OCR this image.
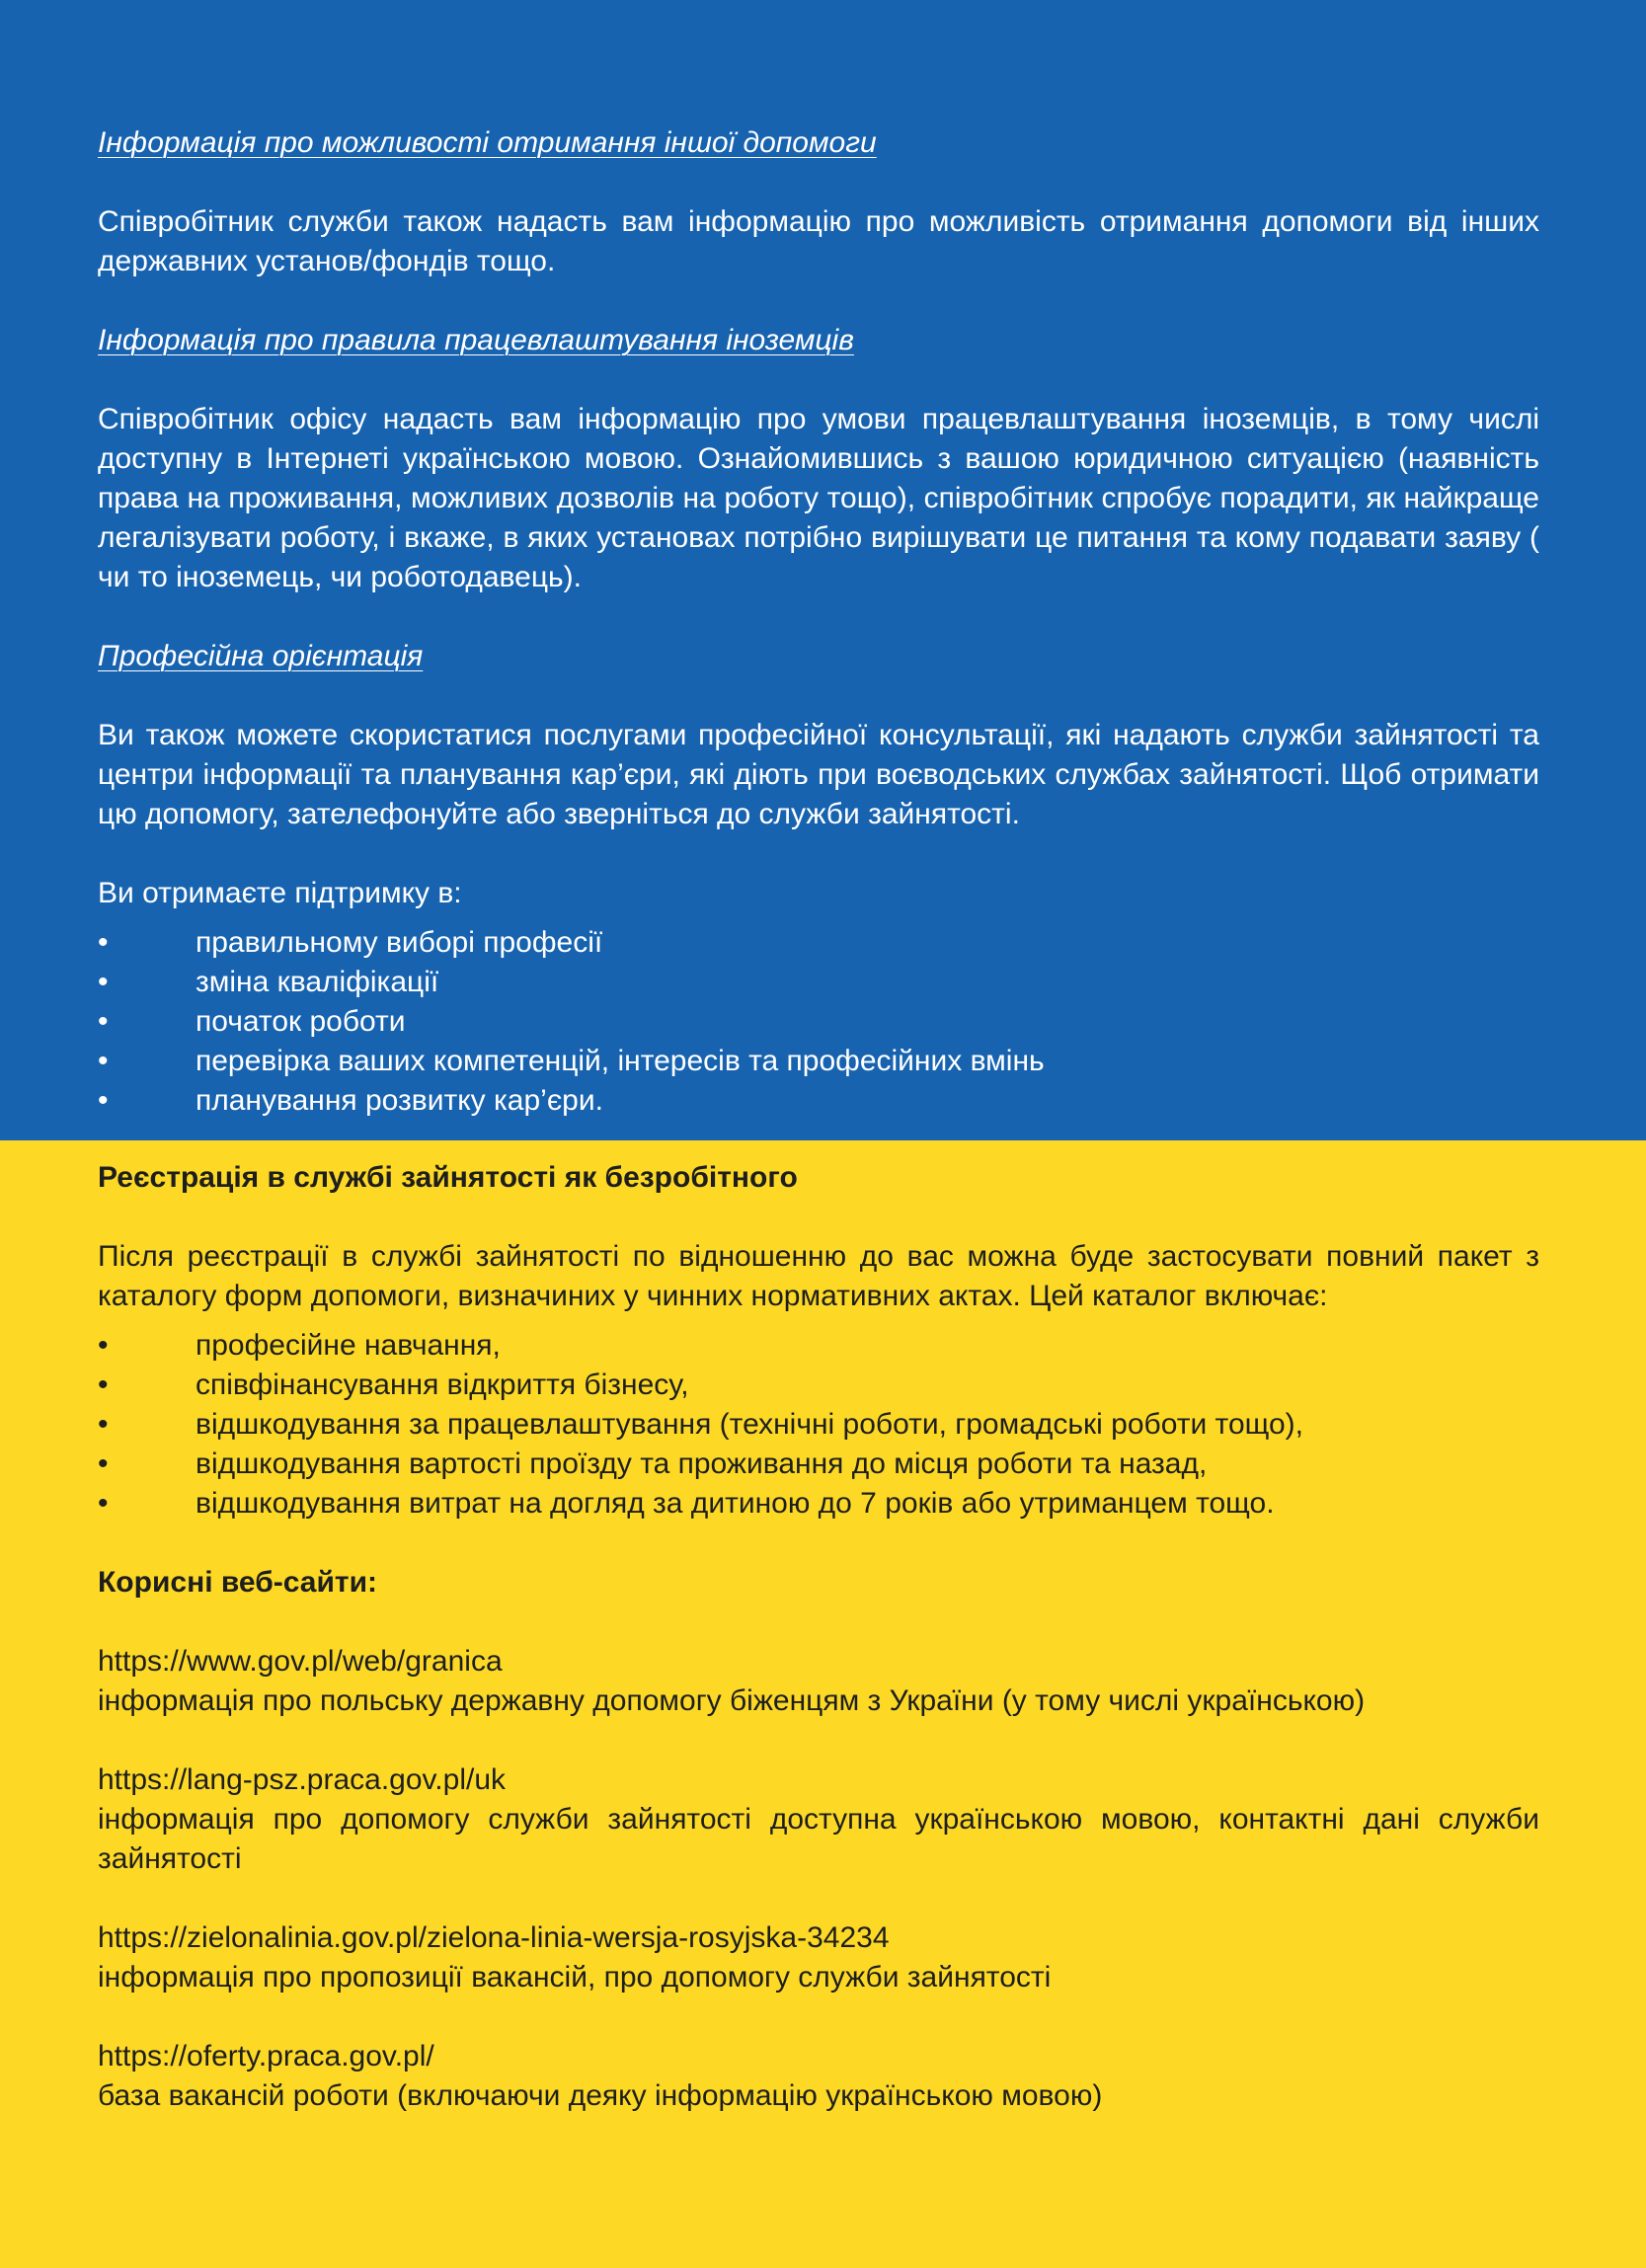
Інформація про можливості отримання іншої допомоги

Співробітник служби також надасть вам інформацію про можливість отримання допомоги від інших державних установ/фондів тощо.

Інформація про правила працевлаштування іноземців

Співробітник офісу надасть вам інформацію про умови працевлаштування іноземців, в тому числі доступну в Інтернеті українською мовою. Ознайомившись з вашою юридичною ситуацією (наявність права на проживання, можливих дозволів на роботу тощо), співробітник спробує порадити, як найкраще легалізувати роботу, і вкаже, в яких установах потрібно вирішувати це питання та кому подавати заяву ( чи то іноземець, чи роботодавець).

Професійна орієнтація

Ви також можете скористатися послугами професійної консультації, які надають служби зайнятості та центри інформації та планування кар’єри, які діють при воєводських службах зайнятості. Щоб отримати цю допомогу, зателефонуйте або зверніться до служби зайнятості.

Ви отримаєте підтримку в:

•	правильному виборі професії
•	зміна кваліфікації
•	початок роботи
•	перевірка ваших компетенцій, інтересів та професійних вмінь
•	планування розвитку кар’єри.

Реєстрація в службі зайнятості як безробітного

Після реєстрації в службі зайнятості по відношенню до вас можна буде застосувати повний пакет з каталогу форм допомоги, визначиних у чинних нормативних актах. Цей каталог включає:

•	професійне навчання,
•	співфінансування відкриття бізнесу,
•	відшкодування за працевлаштування (технічні роботи, громадські роботи тощо),
•	відшкодування вартості проїзду та проживання до місця роботи та назад,
•	відшкодування витрат на догляд за дитиною до 7 років або утриманцем тощо.

Корисні веб-сайти:

https://www.gov.pl/web/granica

інформація про польську державну допомогу біженцям з України (у тому числі українською)

https://lang-psz.praca.gov.pl/uk

інформація про допомогу служби зайнятості доступна українською мовою, контактні дані служби зайнятості

https://zielonalinia.gov.pl/zielona-linia-wersja-rosyjska-34234

інформація про пропозиції вакансій, про допомогу служби зайнятості

https://oferty.praca.gov.pl/

база вакансій роботи (включаючи деяку інформацію українською мовою)
